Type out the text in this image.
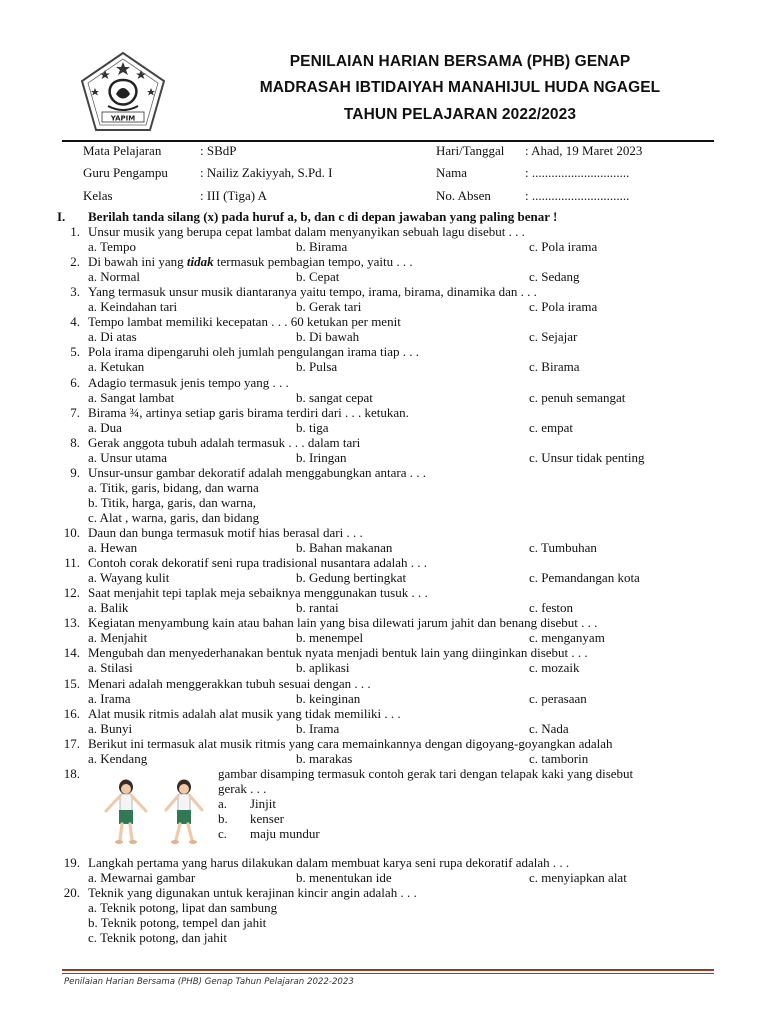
YAPIM
PENILAIAN HARIAN BERSAMA (PHB) GENAP
MADRASAH IBTIDAIYAH MANAHIJUL HUDA NGAGEL
TAHUN PELAJARAN 2022/2023
Mata Pelajaran	: SBdP	Hari/Tanggal : Ahad, 19 Maret 2023
Guru Pengampu : Nailiz Zakiyyah, S.Pd. I	Nama	: ..............................
Kelas	: III (Tiga) A	No. Absen	: ..............................
I. Berilah tanda silang (x) pada huruf a, b, dan c di depan jawaban yang paling benar !
1. Unsur musik yang berupa cepat lambat dalam menyanyikan sebuah lagu disebut . . .
a. Tempo	b. Birama	c. Pola irama
2. Di bawah ini yang tidak termasuk pembagian tempo, yaitu . . .
a. Normal	b. Cepat	c. Sedang
3. Yang termasuk unsur musik diantaranya yaitu tempo, irama, birama, dinamika dan . . .
a. Keindahan tari	b. Gerak tari	c. Pola irama
4. Tempo lambat memiliki kecepatan . . . 60 ketukan per menit
a. Di atas	b. Di bawah	c. Sejajar
5. Pola irama dipengaruhi oleh jumlah pengulangan irama tiap . . .
a. Ketukan	b. Pulsa	c. Birama
6. Adagio termasuk jenis tempo yang . . .
a. Sangat lambat	b. sangat cepat	c. penuh semangat
7. Birama ¾, artinya setiap garis birama terdiri dari . . . ketukan.
a. Dua	b. tiga	c. empat
8. Gerak anggota tubuh adalah termasuk . . . dalam tari
a. Unsur utama	b. Iringan	c. Unsur tidak penting
9. Unsur-unsur gambar dekoratif adalah menggabungkan antara . . .
a. Titik, garis, bidang, dan warna
b. Titik, harga, garis, dan warna,
c. Alat , warna, garis, dan bidang
10. Daun dan bunga termasuk motif hias berasal dari . . .
a. Hewan	b. Bahan makanan	c. Tumbuhan
11. Contoh corak dekoratif seni rupa tradisional nusantara adalah . . .
a. Wayang kulit	b. Gedung bertingkat	c. Pemandangan kota
12. Saat menjahit tepi taplak meja sebaiknya menggunakan tusuk . . .
a. Balik	b. rantai	c. feston
13. Kegiatan menyambung kain atau bahan lain yang bisa dilewati jarum jahit dan benang disebut . . .
a. Menjahit	b. menempel	c. menganyam
14. Mengubah dan menyederhanakan bentuk nyata menjadi bentuk lain yang diinginkan disebut . . .
a. Stilasi	b. aplikasi	c. mozaik
15. Menari adalah menggerakkan tubuh sesuai dengan . . .
a. Irama	b. keinginan	c. perasaan
16. Alat musik ritmis adalah alat musik yang tidak memiliki . . .
a. Bunyi	b. Irama	c. Nada
17. Berikut ini termasuk alat musik ritmis yang cara memainkannya dengan digoyang-goyangkan adalah
a. Kendang	b. marakas	c. tamborin
18.	gambar disamping termasuk contoh gerak tari dengan telapak kaki yang disebut
gerak . . .
a. Jinjit
b. kenser
c. maju mundur
19. Langkah pertama yang harus dilakukan dalam membuat karya seni rupa dekoratif adalah . . .
a. Mewarnai gambar	b. menentukan ide	c. menyiapkan alat
20. Teknik yang digunakan untuk kerajinan kincir angin adalah . . .
a. Teknik potong, lipat dan sambung
b. Teknik potong, tempel dan jahit
c. Teknik potong, dan jahit
Penilaian Harian Bersama (PHB) Genap Tahun Pelajaran 2022-2023
